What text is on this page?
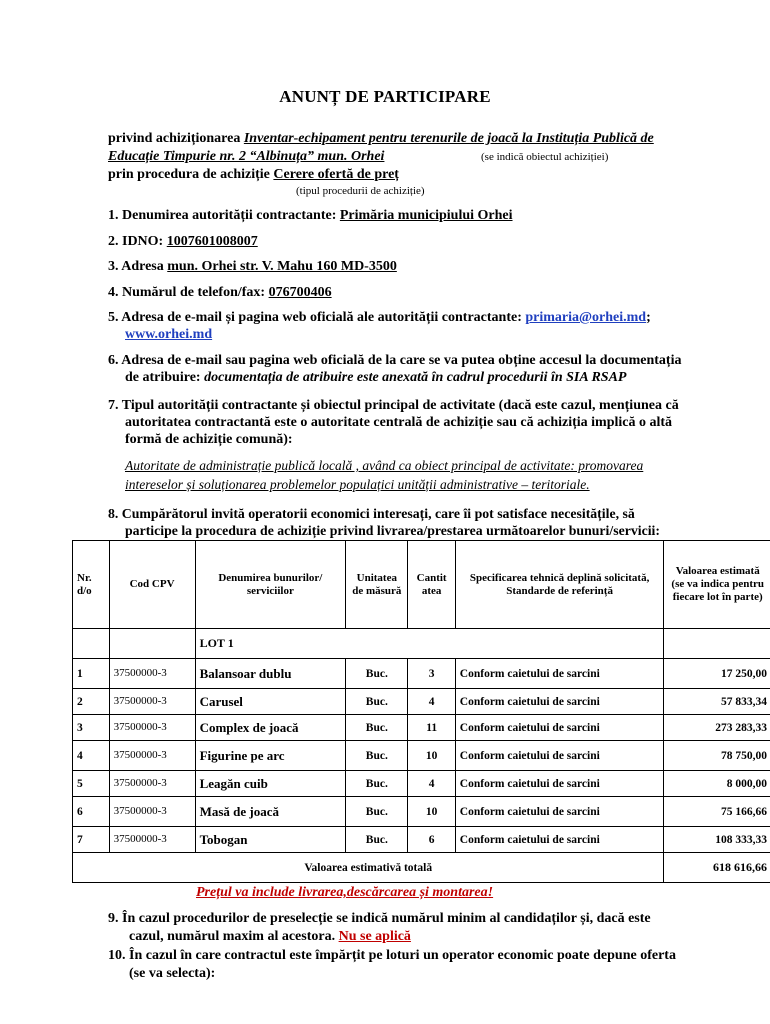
ANUNȚ DE PARTICIPARE
privind achiziționarea Inventar-echipament pentru terenurile de joacă la Instituția Publică de
Educație Timpurie nr. 2 “Albinuța” mun. Orhei	(se indică obiectul achiziției)
prin procedura de achiziție Cerere ofertă de preț
(tipul procedurii de achiziție)
1. Denumirea autorității contractante: Primăria municipiului Orhei
2. IDNO: 1007601008007
3. Adresa mun. Orhei str. V. Mahu 160 MD-3500
4. Numărul de telefon/fax: 076700406
5. Adresa de e-mail și pagina web oficială ale autorității contractante: primaria@orhei.md;
www.orhei.md
6. Adresa de e-mail sau pagina web oficială de la care se va putea obține accesul la documentația
de atribuire: documentația de atribuire este anexată în cadrul procedurii în SIA RSAP
7. Tipul autorității contractante și obiectul principal de activitate (dacă este cazul, mențiunea că
autoritatea contractantă este o autoritate centrală de achiziție sau că achiziția implică o altă
formă de achiziție comună):
Autoritate de administrație publică locală , având ca obiect principal de activitate: promovarea
intereselor și soluționarea problemelor populațici unității administrative – teritoriale.
8. Cumpărătorul invită operatorii economici interesați, care îi pot satisface necesitățile, să
participe la procedura de achiziție privind livrarea/prestarea următoarelor bunuri/servicii:
Nr. d/o	Cod CPV	Denumirea bunurilor/ serviciilor	Unitatea de măsură	Cantit atea	Specificarea tehnică deplină solicitată, Standarde de referință	Valoarea estimată (se va indica pentru fiecare lot în parte)
		LOT 1				
1	37500000-3	Balansoar dublu	Buc.	3	Conform caietului de sarcini	17 250,00
2	37500000-3	Carusel	Buc.	4	Conform caietului de sarcini	57 833,34
3	37500000-3	Complex de joacă	Buc.	11	Conform caietului de sarcini	273 283,33
4	37500000-3	Figurine pe arc	Buc.	10	Conform caietului de sarcini	78 750,00
5	37500000-3	Leagăn cuib	Buc.	4	Conform caietului de sarcini	8 000,00
6	37500000-3	Masă de joacă	Buc.	10	Conform caietului de sarcini	75 166,66
7	37500000-3	Tobogan	Buc.	6	Conform caietului de sarcini	108 333,33
Valoarea estimativă totală						618 616,66
Prețul va include livrarea,descărcarea și montarea!
9. În cazul procedurilor de preselecție se indică numărul minim al candidaților și, dacă este
cazul, numărul maxim al acestora. Nu se aplică
10. În cazul în care contractul este împărțit pe loturi un operator economic poate depune oferta
(se va selecta):
